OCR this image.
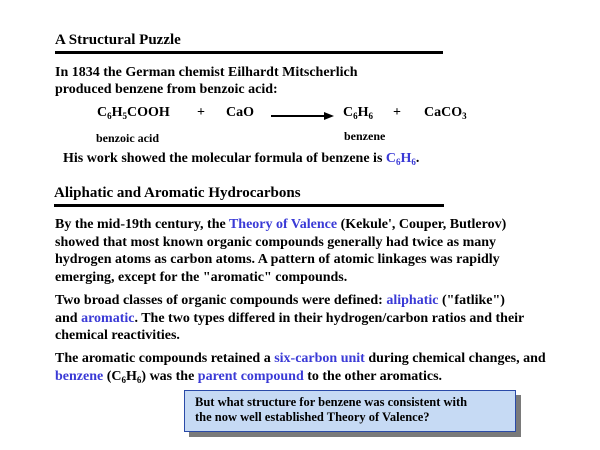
A Structural Puzzle
In 1834 the German chemist Eilhardt Mitscherlich
produced benzene from benzoic acid:
$C_6H_5COOH$ + CaO	$C_6H_6$ + CaCO$_3$
benzoic acid	benzene
His work showed the molecular formula of benzene is $C_6H_6$.
Aliphatic and Aromatic Hydrocarbons
By the mid-19th century, the Theory of Valence (Kekule', Couper, Butlerov) showed that most known organic compounds generally had twice as many hydrogen atoms as carbon atoms. A pattern of atomic linkages was rapidly emerging, except for the "aromatic" compounds.
Two broad classes of organic compounds were defined: aliphatic ("fatlike") and aromatic. The two types differed in their hydrogen/carbon ratios and their chemical reactivities.
The aromatic compounds retained a six-carbon unit during chemical changes, and benzene $(C_6H_6)$ was the parent compound to the other aromatics.
But what structure for benzene was consistent with
the now well established Theory of Valence?
